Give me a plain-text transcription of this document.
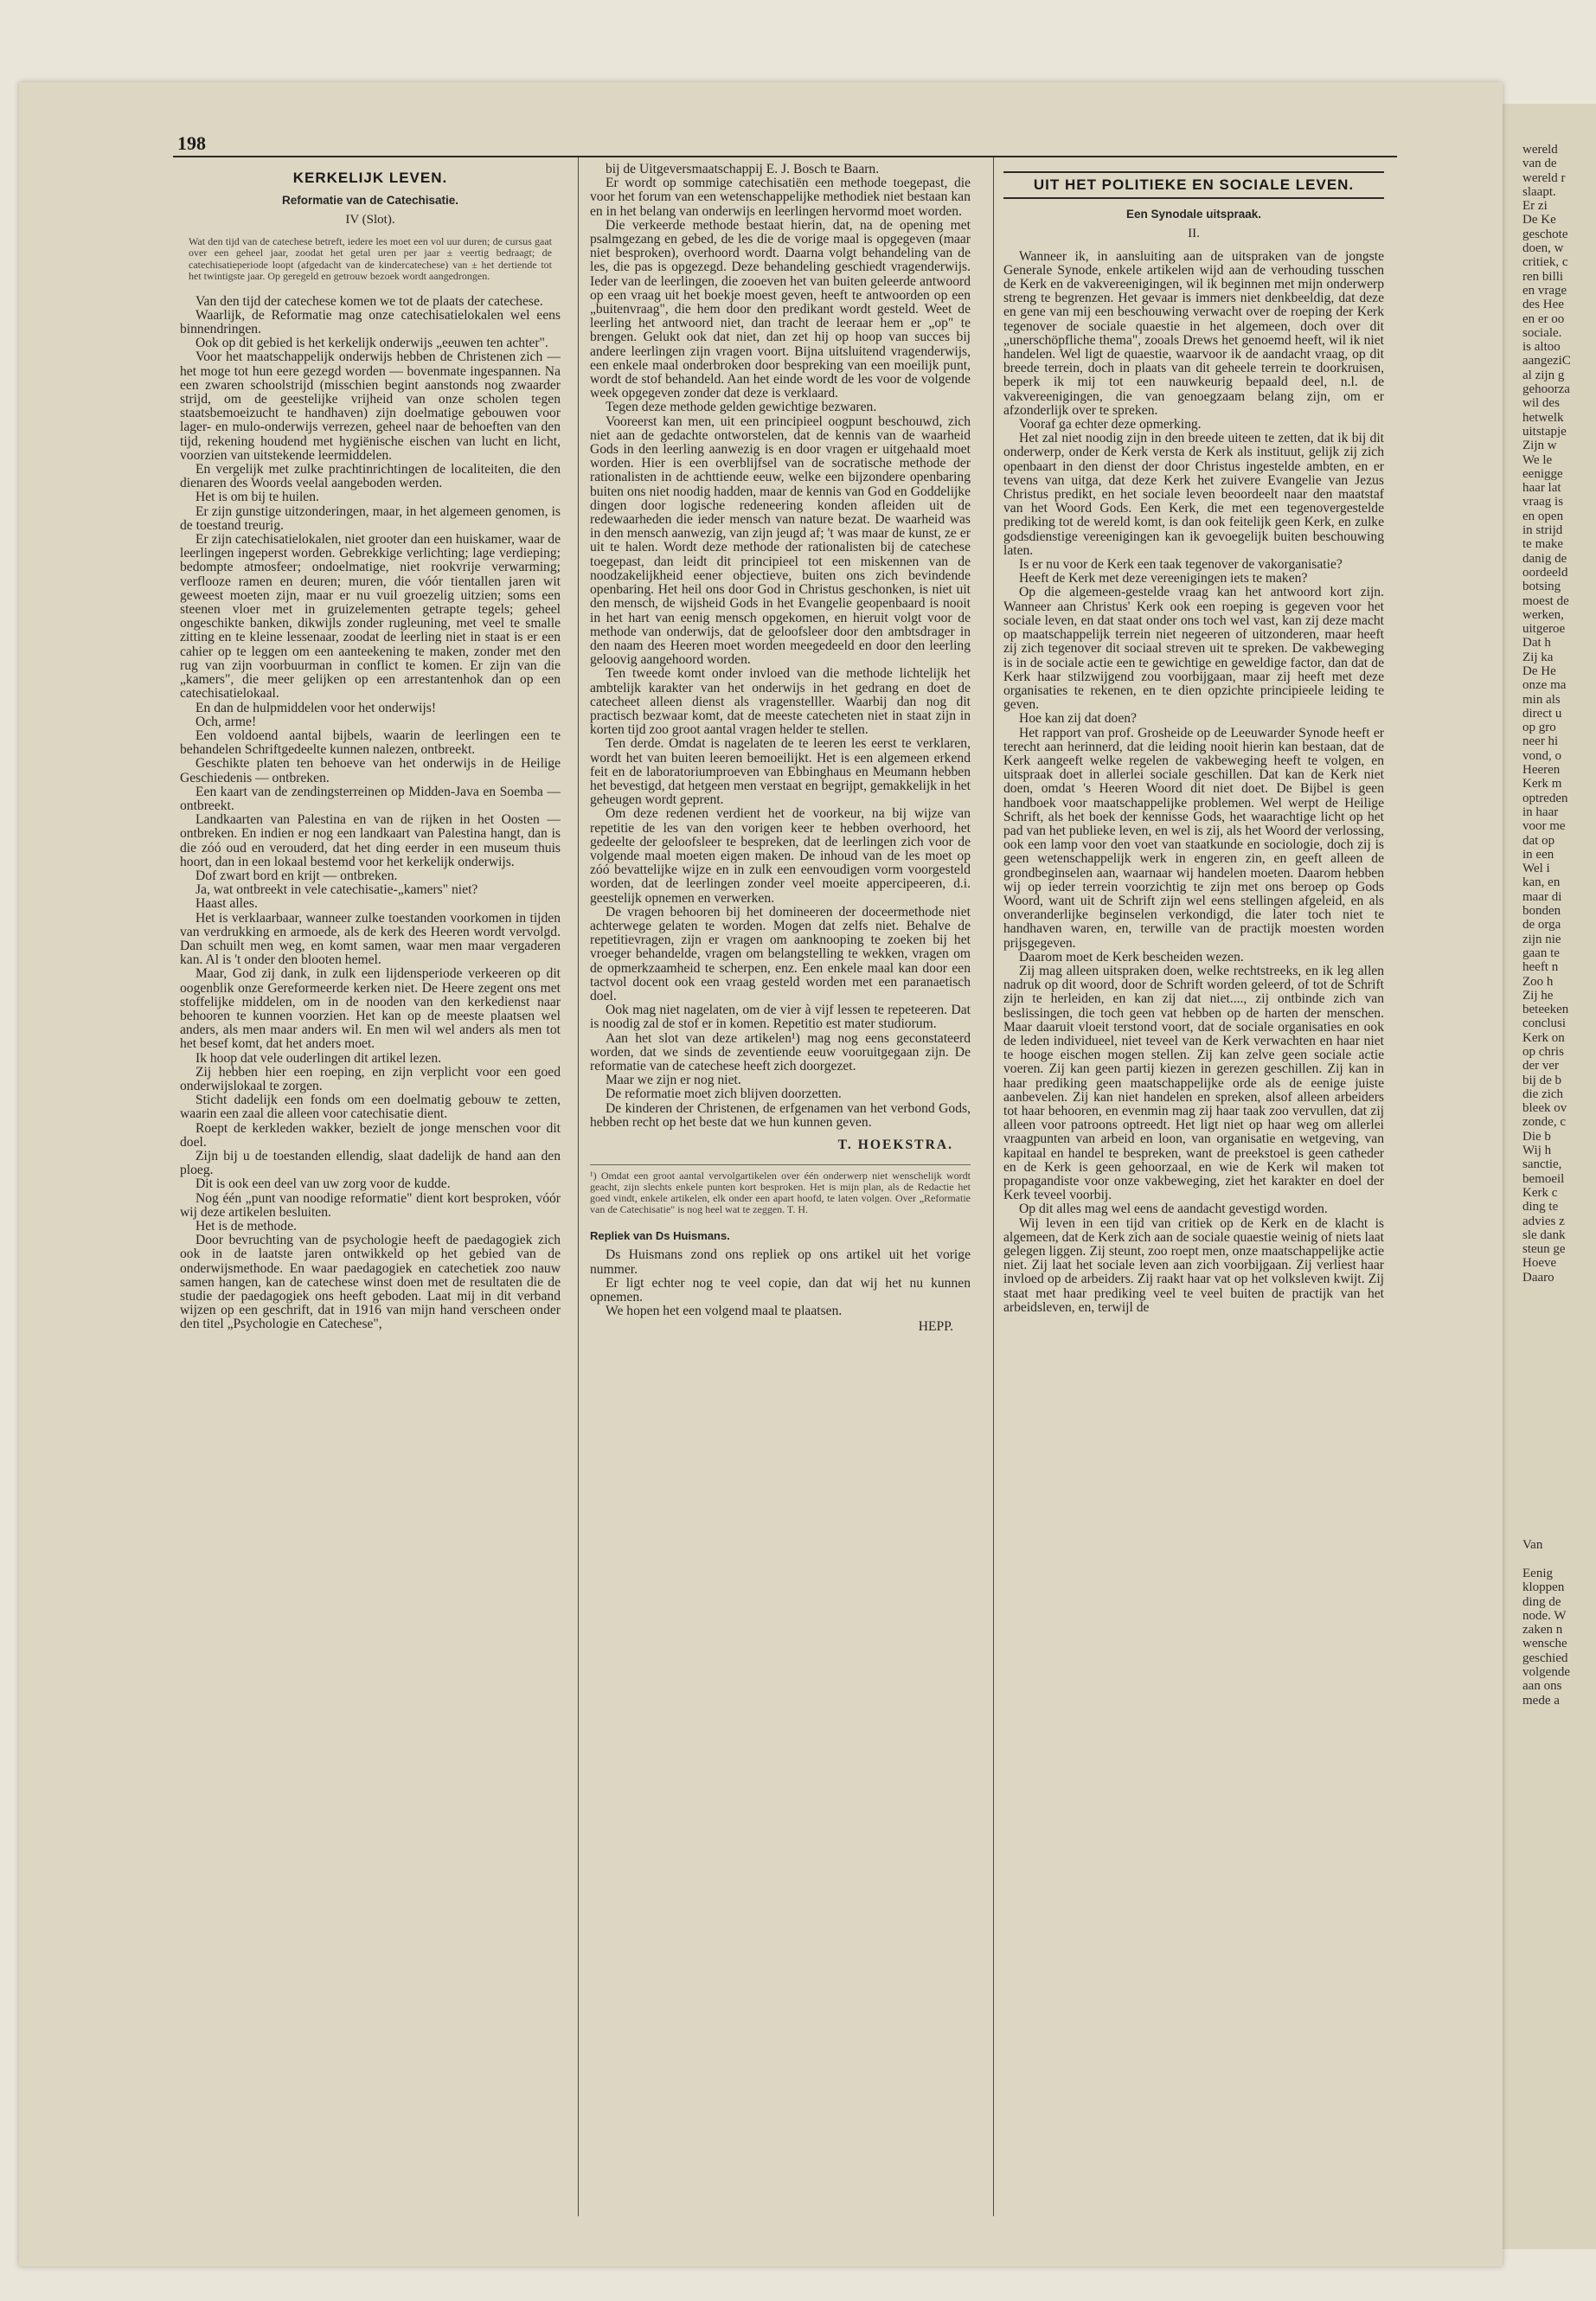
wereld
van de
wereld r
slaapt.
Er zi
De Ke
geschote
doen, w
critiek, c
ren billi
en vrage
des Hee
en er oo
sociale.
is altoo
aangeziC
al zijn g
gehoorza
wil des
hetwelk
uitstapje
Zijn w
We le
eenigge
haar lat
vraag is
en open
in strijd
te make
danig de
oordeeld
botsing
moest de
werken,
uitgeroe
Dat h
Zij ka
De He
onze ma
min als
direct u
op gro
neer hi
vond, o
Heeren
Kerk m
optreden
in haar
voor me
dat op
in een
Wel i
kan, en
maar di
bonden
de orga
zijn nie
gaan te
heeft n
Zoo h
Zij he
beteeken
conclusi
Kerk on
op chris
der ver
bij de b
die zich
bleek ov
zonde, c
Die b
Wij h
sanctie,
bemoeil
Kerk c
ding te
advies z
sle dank
steun ge
Hoeve
Daaro

Van

Eenig
kloppen
ding de
node. W
zaken n
wensche
geschied
volgende
aan ons
mede a
198
KERKELIJK LEVEN.
Reformatie van de Catechisatie.
IV (Slot).
Wat den tijd van de catechese betreft, iedere les moet een vol uur duren; de cursus gaat over een geheel jaar, zoodat het getal uren per jaar ± veertig bedraagt; de catechisatieperiode loopt (afgedacht van de kindercatechese) van ± het dertiende tot het twintigste jaar. Op geregeld en getrouw bezoek wordt aangedrongen.

Van den tijd der catechese komen we tot de plaats der catechese.

Waarlijk, de Reformatie mag onze catechisatielokalen wel eens binnendringen.

Ook op dit gebied is het kerkelijk onderwijs „eeuwen ten achter".

Voor het maatschappelijk onderwijs hebben de Christenen zich — het moge tot hun eere gezegd worden — bovenmate ingespannen. Na een zwaren schoolstrijd (misschien begint aanstonds nog zwaarder strijd, om de geestelijke vrijheid van onze scholen tegen staatsbemoeizucht te handhaven) zijn doelmatige gebouwen voor lager- en mulo-onderwijs verrezen, geheel naar de behoeften van den tijd, rekening houdend met hygiënische eischen van lucht en licht, voorzien van uitstekende leermiddelen.

En vergelijk met zulke prachtinrichtingen de localiteiten, die den dienaren des Woords veelal aangeboden werden.

Het is om bij te huilen.

Er zijn gunstige uitzonderingen, maar, in het algemeen genomen, is de toestand treurig.

Er zijn catechisatielokalen, niet grooter dan een huiskamer, waar de leerlingen ingeperst worden. Gebrekkige verlichting; lage verdieping; bedompte atmosfeer; ondoelmatige, niet rookvrije verwarming; verflooze ramen en deuren; muren, die vóór tientallen jaren wit geweest moeten zijn, maar er nu vuil groezelig uitzien; soms een steenen vloer met in gruizelementen getrapte tegels; geheel ongeschikte banken, dikwijls zonder rugleuning, met veel te smalle zitting en te kleine lessenaar, zoodat de leerling niet in staat is er een cahier op te leggen om een aanteekening te maken, zonder met den rug van zijn voorbuurman in conflict te komen. Er zijn van die „kamers", die meer gelijken op een arrestantenhok dan op een catechisatielokaal.

En dan de hulpmiddelen voor het onderwijs!

Och, arme!

Een voldoend aantal bijbels, waarin de leerlingen een te behandelen Schriftgedeelte kunnen nalezen, ontbreekt.

Geschikte platen ten behoeve van het onderwijs in de Heilige Geschiedenis — ontbreken.

Een kaart van de zendingsterreinen op Midden-Java en Soemba — ontbreekt.

Landkaarten van Palestina en van de rijken in het Oosten — ontbreken. En indien er nog een landkaart van Palestina hangt, dan is die zóó oud en verouderd, dat het ding eerder in een museum thuis hoort, dan in een lokaal bestemd voor het kerkelijk onderwijs.

Dof zwart bord en krijt — ontbreken.

Ja, wat ontbreekt in vele catechisatie-„kamers" niet?

Haast alles.

Het is verklaarbaar, wanneer zulke toestanden voorkomen in tijden van verdrukking en armoede, als de kerk des Heeren wordt vervolgd. Dan schuilt men weg, en komt samen, waar men maar vergaderen kan. Al is 't onder den blooten hemel.

Maar, God zij dank, in zulk een lijdensperiode verkeeren op dit oogenblik onze Gereformeerde kerken niet. De Heere zegent ons met stoffelijke middelen, om in de nooden van den kerkedienst naar behooren te kunnen voorzien. Het kan op de meeste plaatsen wel anders, als men maar anders wil. En men wil wel anders als men tot het besef komt, dat het anders moet.

Ik hoop dat vele ouderlingen dit artikel lezen.

Zij hebben hier een roeping, en zijn verplicht voor een goed onderwijslokaal te zorgen.

Sticht dadelijk een fonds om een doelmatig gebouw te zetten, waarin een zaal die alleen voor catechisatie dient.

Roept de kerkleden wakker, bezielt de jonge menschen voor dit doel.

Zijn bij u de toestanden ellendig, slaat dadelijk de hand aan den ploeg.

Dit is ook een deel van uw zorg voor de kudde.

Nog één „punt van noodige reformatie" dient kort besproken, vóór wij deze artikelen besluiten.

Het is de methode.

Door bevruchting van de psychologie heeft de paedagogiek zich ook in de laatste jaren ontwikkeld op het gebied van de onderwijsmethode. En waar paedagogiek en catechetiek zoo nauw samen hangen, kan de catechese winst doen met de resultaten die de studie der paedagogiek ons heeft geboden. Laat mij in dit verband wijzen op een geschrift, dat in 1916 van mijn hand verscheen onder den titel „Psychologie en Catechese",

bij de Uitgeversmaatschappij E. J. Bosch te Baarn.

Er wordt op sommige catechisatiën een methode toegepast, die voor het forum van een wetenschappelijke methodiek niet bestaan kan en in het belang van onderwijs en leerlingen hervormd moet worden.

Die verkeerde methode bestaat hierin, dat, na de opening met psalmgezang en gebed, de les die de vorige maal is opgegeven (maar niet besproken), overhoord wordt. Daarna volgt behandeling van de les, die pas is opgezegd. Deze behandeling geschiedt vragenderwijs. Ieder van de leerlingen, die zooeven het van buiten geleerde antwoord op een vraag uit het boekje moest geven, heeft te antwoorden op een „buitenvraag", die hem door den predikant wordt gesteld. Weet de leerling het antwoord niet, dan tracht de leeraar hem er „op" te brengen. Gelukt ook dat niet, dan zet hij op hoop van succes bij andere leerlingen zijn vragen voort. Bijna uitsluitend vragenderwijs, een enkele maal onderbroken door bespreking van een moeilijk punt, wordt de stof behandeld. Aan het einde wordt de les voor de volgende week opgegeven zonder dat deze is verklaard.

Tegen deze methode gelden gewichtige bezwaren.

Vooreerst kan men, uit een principieel oogpunt beschouwd, zich niet aan de gedachte ontworstelen, dat de kennis van de waarheid Gods in den leerling aanwezig is en door vragen er uitgehaald moet worden. Hier is een overblijfsel van de socratische methode der rationalisten in de achttiende eeuw, welke een bijzondere openbaring buiten ons niet noodig hadden, maar de kennis van God en Goddelijke dingen door logische redeneering konden afleiden uit de redewaarheden die ieder mensch van nature bezat. De waarheid was in den mensch aanwezig, van zijn jeugd af; 't was maar de kunst, ze er uit te halen. Wordt deze methode der rationalisten bij de catechese toegepast, dan leidt dit principieel tot een miskennen van de noodzakelijkheid eener objectieve, buiten ons zich bevindende openbaring. Het heil ons door God in Christus geschonken, is niet uit den mensch, de wijsheid Gods in het Evangelie geopenbaard is nooit in het hart van eenig mensch opgekomen, en hieruit volgt voor de methode van onderwijs, dat de geloofsleer door den ambtsdrager in den naam des Heeren moet worden meegedeeld en door den leerling geloovig aangehoord worden.

Ten tweede komt onder invloed van die methode lichtelijk het ambtelijk karakter van het onderwijs in het gedrang en doet de catecheet alleen dienst als vragenstelller. Waarbij dan nog dit practisch bezwaar komt, dat de meeste catecheten niet in staat zijn in korten tijd zoo groot aantal vragen helder te stellen.

Ten derde. Omdat is nagelaten de te leeren les eerst te verklaren, wordt het van buiten leeren bemoeilijkt. Het is een algemeen erkend feit en de laboratoriumproeven van Ebbinghaus en Meumann hebben het bevestigd, dat hetgeen men verstaat en begrijpt, gemakkelijk in het geheugen wordt geprent.

Om deze redenen verdient het de voorkeur, na bij wijze van repetitie de les van den vorigen keer te hebben overhoord, het gedeelte der geloofsleer te bespreken, dat de leerlingen zich voor de volgende maal moeten eigen maken. De inhoud van de les moet op zóó bevattelijke wijze en in zulk een eenvoudigen vorm voorgesteld worden, dat de leerlingen zonder veel moeite appercipeeren, d.i. geestelijk opnemen en verwerken.

De vragen behooren bij het domineeren der doceermethode niet achterwege gelaten te worden. Mogen dat zelfs niet. Behalve de repetitievragen, zijn er vragen om aanknooping te zoeken bij het vroeger behandelde, vragen om belangstelling te wekken, vragen om de opmerkzaamheid te scherpen, enz. Een enkele maal kan door een tactvol docent ook een vraag gesteld worden met een paranaetisch doel.

Ook mag niet nagelaten, om de vier à vijf lessen te repeteeren. Dat is noodig zal de stof er in komen. Repetitio est mater studiorum.

Aan het slot van deze artikelen¹) mag nog eens geconstateerd worden, dat we sinds de zeventiende eeuw vooruitgegaan zijn. De reformatie van de catechese heeft zich doorgezet.

Maar we zijn er nog niet.

De reformatie moet zich blijven doorzetten.

De kinderen der Christenen, de erfgenamen van het verbond Gods, hebben recht op het beste dat we hun kunnen geven.

T. HOEKSTRA.
¹) Omdat een groot aantal vervolgartikelen over één onderwerp niet wenschelijk wordt geacht, zijn slechts enkele punten kort besproken. Het is mijn plan, als de Redactie het goed vindt, enkele artikelen, elk onder een apart hoofd, te laten volgen. Over „Reformatie van de Catechisatie" is nog heel wat te zeggen. T. H.
Repliek van Ds Huismans.

Ds Huismans zond ons repliek op ons artikel uit het vorige nummer.

Er ligt echter nog te veel copie, dan dat wij het nu kunnen opnemen.

We hopen het een volgend maal te plaatsen.

HEPP.
UIT HET POLITIEKE EN SOCIALE LEVEN.
Een Synodale uitspraak.
II.

Wanneer ik, in aansluiting aan de uitspraken van de jongste Generale Synode, enkele artikelen wijd aan de verhouding tusschen de Kerk en de vakvereenigingen, wil ik beginnen met mijn onderwerp streng te begrenzen. Het gevaar is immers niet denkbeeldig, dat deze en gene van mij een beschouwing verwacht over de roeping der Kerk tegenover de sociale quaestie in het algemeen, doch over dit „unerschöpfliche thema", zooals Drews het genoemd heeft, wil ik niet handelen. Wel ligt de quaestie, waarvoor ik de aandacht vraag, op dit breede terrein, doch in plaats van dit geheele terrein te doorkruisen, beperk ik mij tot een nauwkeurig bepaald deel, n.l. de vakvereenigingen, die van genoegzaam belang zijn, om er afzonderlijk over te spreken.

Vooraf ga echter deze opmerking.

Het zal niet noodig zijn in den breede uiteen te zetten, dat ik bij dit onderwerp, onder de Kerk versta de Kerk als instituut, gelijk zij zich openbaart in den dienst der door Christus ingestelde ambten, en er tevens van uitga, dat deze Kerk het zuivere Evangelie van Jezus Christus predikt, en het sociale leven beoordeelt naar den maatstaf van het Woord Gods. Een Kerk, die met een tegenovergestelde prediking tot de wereld komt, is dan ook feitelijk geen Kerk, en zulke godsdienstige vereenigingen kan ik gevoegelijk buiten beschouwing laten.

Is er nu voor de Kerk een taak tegenover de vakorganisatie?

Heeft de Kerk met deze vereenigingen iets te maken?

Op die algemeen-gestelde vraag kan het antwoord kort zijn. Wanneer aan Christus' Kerk ook een roeping is gegeven voor het sociale leven, en dat staat onder ons toch wel vast, kan zij deze macht op maatschappelijk terrein niet negeeren of uitzonderen, maar heeft zij zich tegenover dit sociaal streven uit te spreken. De vakbeweging is in de sociale actie een te gewichtige en geweldige factor, dan dat de Kerk haar stilzwijgend zou voorbijgaan, maar zij heeft met deze organisaties te rekenen, en te dien opzichte principieele leiding te geven.

Hoe kan zij dat doen?

Het rapport van prof. Grosheide op de Leeuwarder Synode heeft er terecht aan herinnerd, dat die leiding nooit hierin kan bestaan, dat de Kerk aangeeft welke regelen de vakbeweging heeft te volgen, en uitspraak doet in allerlei sociale geschillen. Dat kan de Kerk niet doen, omdat 's Heeren Woord dit niet doet. De Bijbel is geen handboek voor maatschappelijke problemen. Wel werpt de Heilige Schrift, als het boek der kennisse Gods, het waarachtige licht op het pad van het publieke leven, en wel is zij, als het Woord der verlossing, ook een lamp voor den voet van staatkunde en sociologie, doch zij is geen wetenschappelijk werk in engeren zin, en geeft alleen de grondbeginselen aan, waarnaar wij handelen moeten. Daarom hebben wij op ieder terrein voorzichtig te zijn met ons beroep op Gods Woord, want uit de Schrift zijn wel eens stellingen afgeleid, en als onveranderlijke beginselen verkondigd, die later toch niet te handhaven waren, en, terwille van de practijk moesten worden prijsgegeven.

Daarom moet de Kerk bescheiden wezen.

Zij mag alleen uitspraken doen, welke rechtstreeks, en ik leg allen nadruk op dit woord, door de Schrift worden geleerd, of tot de Schrift zijn te herleiden, en kan zij dat niet...., zij ontbinde zich van beslissingen, die toch geen vat hebben op de harten der menschen. Maar daaruit vloeit terstond voort, dat de sociale organisaties en ook de leden individueel, niet teveel van de Kerk verwachten en haar niet te hooge eischen mogen stellen. Zij kan zelve geen sociale actie voeren. Zij kan geen partij kiezen in gerezen geschillen. Zij kan in haar prediking geen maatschappelijke orde als de eenige juiste aanbevelen. Zij kan niet handelen en spreken, alsof alleen arbeiders tot haar behooren, en evenmin mag zij haar taak zoo vervullen, dat zij alleen voor patroons optreedt. Het ligt niet op haar weg om allerlei vraagpunten van arbeid en loon, van organisatie en wetgeving, van kapitaal en handel te bespreken, want de preekstoel is geen catheder en de Kerk is geen gehoorzaal, en wie de Kerk wil maken tot propagandiste voor onze vakbeweging, ziet het karakter en doel der Kerk teveel voorbij.

Op dit alles mag wel eens de aandacht gevestigd worden.

Wij leven in een tijd van critiek op de Kerk en de klacht is algemeen, dat de Kerk zich aan de sociale quaestie weinig of niets laat gelegen liggen. Zij steunt, zoo roept men, onze maatschappelijke actie niet. Zij laat het sociale leven aan zich voorbijgaan. Zij verliest haar invloed op de arbeiders. Zij raakt haar vat op het volksleven kwijt. Zij staat met haar prediking veel te veel buiten de practijk van het arbeidsleven, en, terwijl de
